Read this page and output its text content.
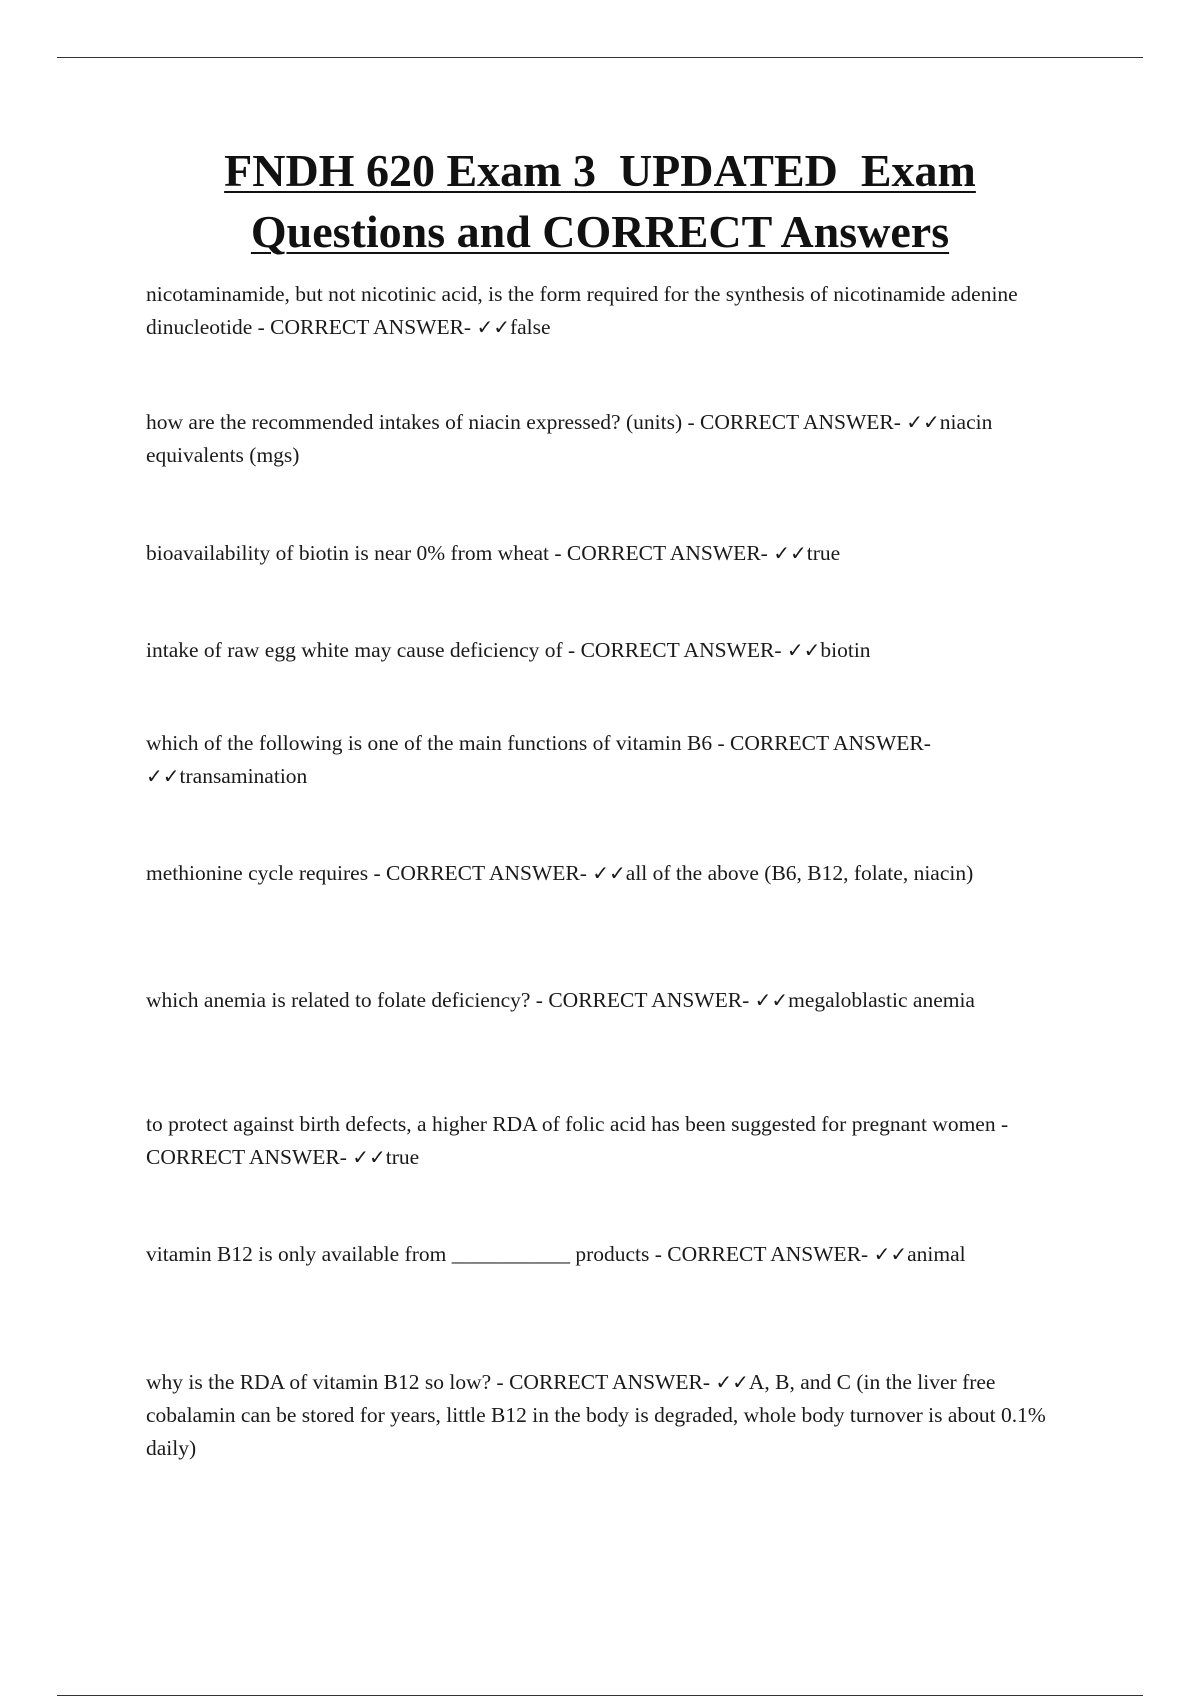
FNDH 620 Exam 3  UPDATED  Exam
Questions and CORRECT Answers

nicotaminamide, but not nicotinic acid, is the form required for the synthesis of nicotinamide adenine dinucleotide - CORRECT ANSWER- ✓✓false

how are the recommended intakes of niacin expressed? (units) - CORRECT ANSWER- ✓✓niacin equivalents (mgs)

bioavailability of biotin is near 0% from wheat - CORRECT ANSWER- ✓✓true

intake of raw egg white may cause deficiency of - CORRECT ANSWER- ✓✓biotin

which of the following is one of the main functions of vitamin B6 - CORRECT ANSWER- ✓✓transamination

methionine cycle requires - CORRECT ANSWER- ✓✓all of the above (B6, B12, folate, niacin)

which anemia is related to folate deficiency? - CORRECT ANSWER- ✓✓megaloblastic anemia

to protect against birth defects, a higher RDA of folic acid has been suggested for pregnant women - CORRECT ANSWER- ✓✓true

vitamin B12 is only available from ___________ products - CORRECT ANSWER- ✓✓animal

why is the RDA of vitamin B12 so low? - CORRECT ANSWER- ✓✓A, B, and C (in the liver free cobalamin can be stored for years, little B12 in the body is degraded, whole body turnover is about 0.1% daily)
